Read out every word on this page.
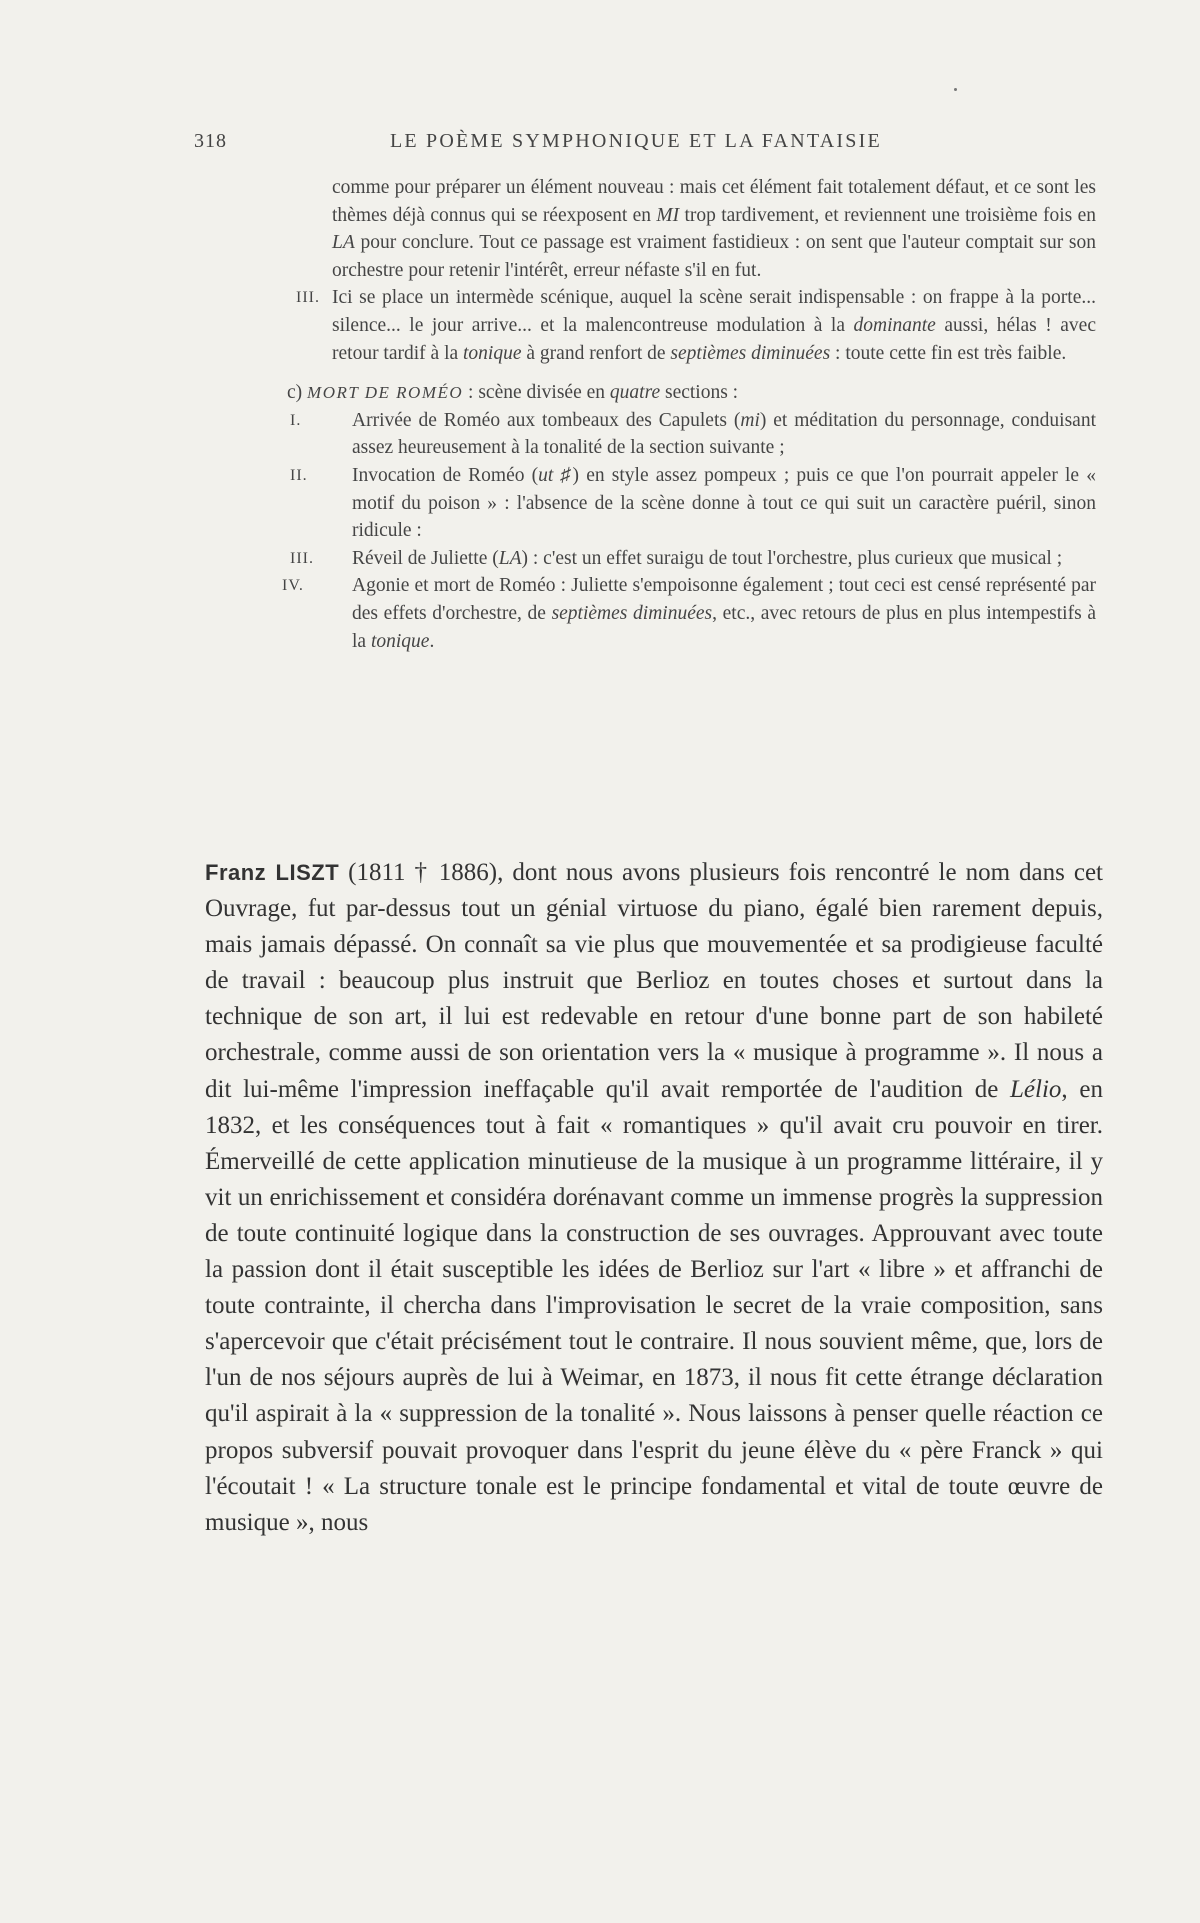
318	LE POÈME SYMPHONIQUE ET LA FANTAISIE

comme pour préparer un élément nouveau : mais cet élément fait totalement défaut, et ce sont les thèmes déjà connus qui se réexposent en MI trop tardivement, et reviennent une troisième fois en LA pour conclure. Tout ce passage est vraiment fastidieux : on sent que l'auteur comptait sur son orchestre pour retenir l'intérêt, erreur néfaste s'il en fut.

III. Ici se place un intermède scénique, auquel la scène serait indispensable : on frappe à la porte... silence... le jour arrive... et la malencontreuse modulation à la dominante aussi, hélas ! avec retour tardif à la tonique à grand renfort de septièmes diminuées : toute cette fin est très faible.

c) MORT DE ROMÉO : scène divisée en quatre sections :

I.	Arrivée de Roméo aux tombeaux des Capulets (mi) et méditation du personnage, conduisant assez heureusement à la tonalité de la section suivante ;

II. Invocation de Roméo (ut ♯) en style assez pompeux ; puis ce que l'on pourrait appeler le « motif du poison » : l'absence de la scène donne à tout ce qui suit un caractère puéril, sinon ridicule :

III. Réveil de Juliette (LA) : c'est un effet suraigu de tout l'orchestre, plus curieux que musical ;

IV. Agonie et mort de Roméo : Juliette s'empoisonne également ; tout ceci est censé représenté par des effets d'orchestre, de septièmes diminuées, etc., avec retours de plus en plus intempestifs à la tonique.

Franz LISZT (1811 † 1886), dont nous avons plusieurs fois rencontré le nom dans cet Ouvrage, fut par-dessus tout un génial virtuose du piano, égalé bien rarement depuis, mais jamais dépassé. On connaît sa vie plus que mouvementée et sa prodigieuse faculté de travail : beaucoup plus instruit que Berlioz en toutes choses et surtout dans la technique de son art, il lui est redevable en retour d'une bonne part de son habileté orchestrale, comme aussi de son orientation vers la « musique à programme ». Il nous a dit lui-même l'impression ineffaçable qu'il avait remportée de l'audition de Lélio, en 1832, et les conséquences tout à fait « romantiques » qu'il avait cru pouvoir en tirer. Émerveillé de cette application minutieuse de la musique à un programme littéraire, il y vit un enrichissement et considéra dorénavant comme un immense progrès la suppression de toute continuité logique dans la construction de ses ouvrages. Approuvant avec toute la passion dont il était susceptible les idées de Berlioz sur l'art « libre » et affranchi de toute contrainte, il chercha dans l'improvisation le secret de la vraie composition, sans s'apercevoir que c'était précisément tout le contraire. Il nous souvient même, que, lors de l'un de nos séjours auprès de lui à Weimar, en 1873, il nous fit cette étrange déclaration qu'il aspirait à la « suppression de la tonalité ». Nous laissons à penser quelle réaction ce propos subversif pouvait provoquer dans l'esprit du jeune élève du « père Franck » qui l'écoutait ! « La structure tonale est le principe fondamental et vital de toute œuvre de musique », nous
